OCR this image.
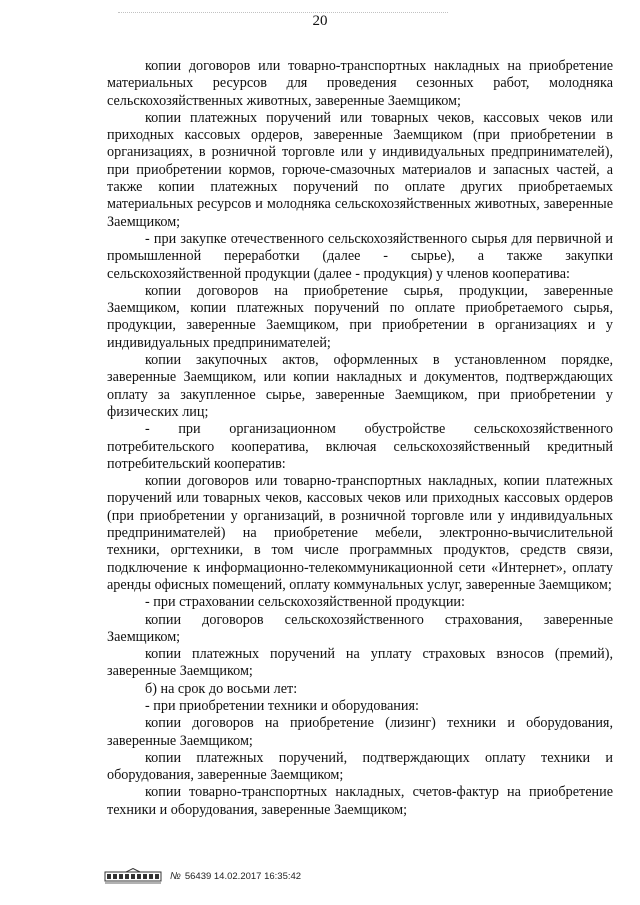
20

копии договоров или товарно-транспортных накладных на приобретение материальных ресурсов для проведения сезонных работ, молодняка сельскохозяйственных животных, заверенные Заемщиком;

копии платежных поручений или товарных чеков, кассовых чеков или приходных кассовых ордеров, заверенные Заемщиком (при приобретении в организациях, в розничной торговле или у индивидуальных предпринимателей), при приобретении кормов, горюче-смазочных материалов и запасных частей, а также копии платежных поручений по оплате других приобретаемых материальных ресурсов и молодняка сельскохозяйственных животных, заверенные Заемщиком;

- при закупке отечественного сельскохозяйственного сырья для первичной и промышленной переработки (далее - сырье), а также закупки сельскохозяйственной продукции (далее - продукция) у членов кооператива:

копии договоров на приобретение сырья, продукции, заверенные Заемщиком, копии платежных поручений по оплате приобретаемого сырья, продукции, заверенные Заемщиком, при приобретении в организациях и у индивидуальных предпринимателей;

копии закупочных актов, оформленных в установленном порядке, заверенные Заемщиком, или копии накладных и документов, подтверждающих оплату за закупленное сырье, заверенные Заемщиком, при приобретении у физических лиц;

- при организационном обустройстве сельскохозяйственного потребительского кооператива, включая сельскохозяйственный кредитный потребительский кооператив:

копии договоров или товарно-транспортных накладных, копии платежных поручений или товарных чеков, кассовых чеков или приходных кассовых ордеров (при приобретении у организаций, в розничной торговле или у индивидуальных предпринимателей) на приобретение мебели, электронно-вычислительной техники, оргтехники, в том числе программных продуктов, средств связи, подключение к информационно-телекоммуникационной сети «Интернет», оплату аренды офисных помещений, оплату коммунальных услуг, заверенные Заемщиком;

- при страховании сельскохозяйственной продукции:

копии договоров сельскохозяйственного страхования, заверенные Заемщиком;

копии платежных поручений на уплату страховых взносов (премий), заверенные Заемщиком;

б) на срок до восьми лет:

- при приобретении техники и оборудования:

копии договоров на приобретение (лизинг) техники и оборудования, заверенные Заемщиком;

копии платежных поручений, подтверждающих оплату техники и оборудования, заверенные Заемщиком;

копии товарно-транспортных накладных, счетов-фактур на приобретение техники и оборудования, заверенные Заемщиком;

№ 56439 14.02.2017 16:35:42
